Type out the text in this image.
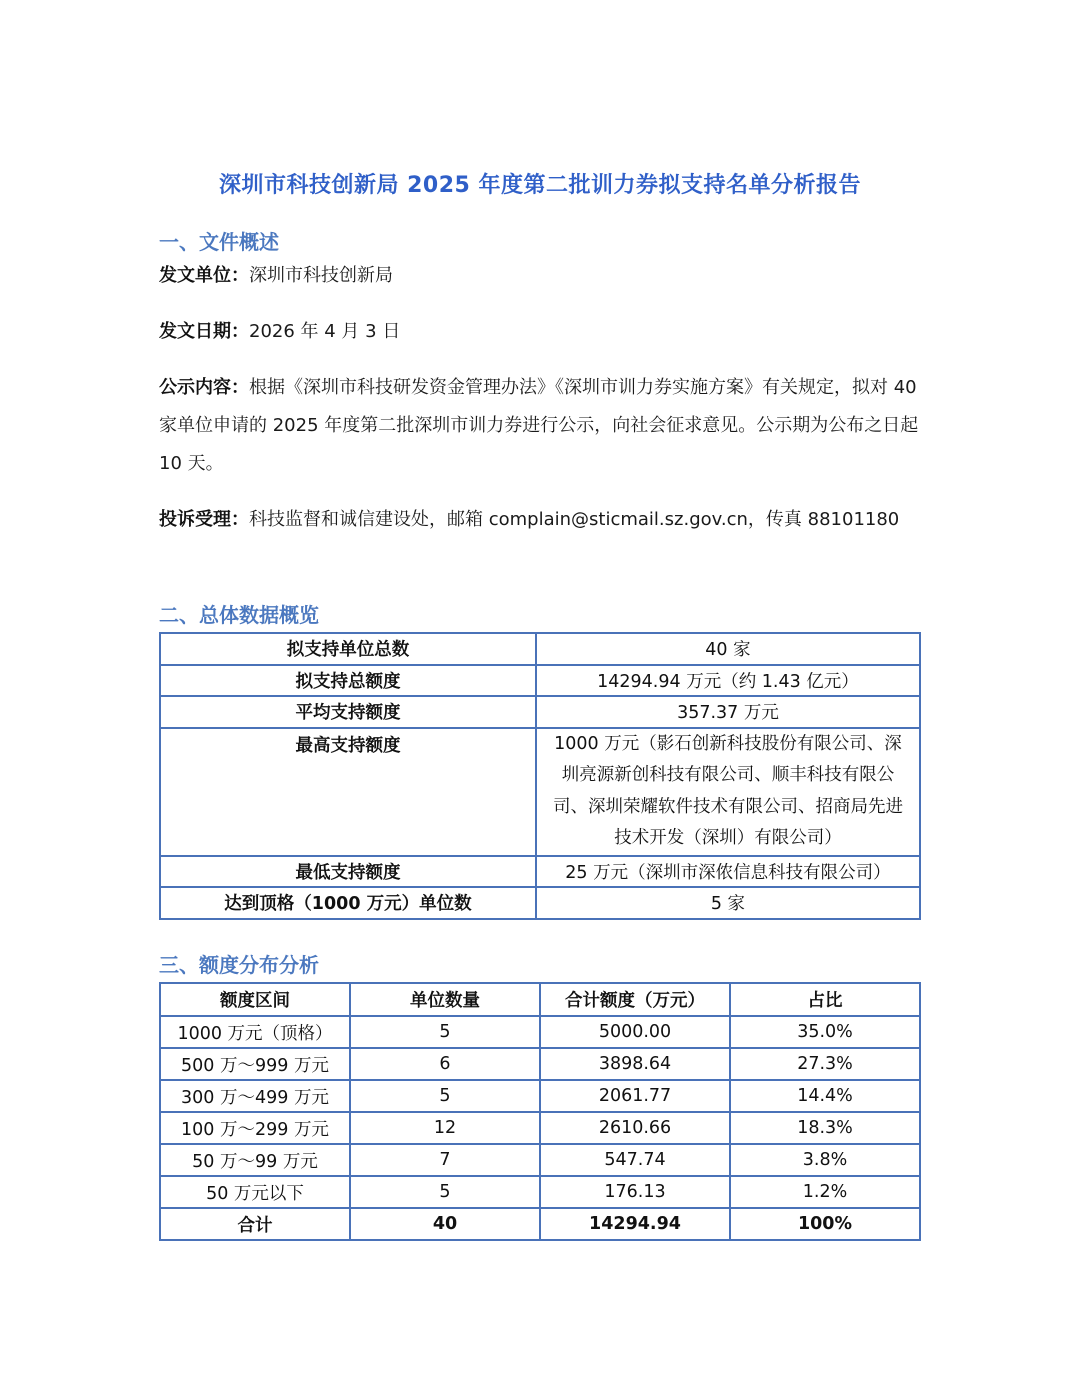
深圳市科技创新局 2025 年度第二批训力券拟支持名单分析报告
一、文件概述
发文单位：深圳市科技创新局
发文日期：2026 年 4 月 3 日
公示内容：根据《深圳市科技研发资金管理办法》《深圳市训力券实施方案》有关规定，拟对 40 家单位申请的 2025 年度第二批深圳市训力券进行公示，向社会征求意见。公示期为公布之日起 10 天。
投诉受理：科技监督和诚信建设处，邮箱 complain@sticmail.sz.gov.cn，传真 88101180
二、总体数据概览
拟支持单位总数	40 家
拟支持总额度	14294.94 万元（约 1.43 亿元）
平均支持额度	357.37 万元
最高支持额度	1000 万元（影石创新科技股份有限公司、深圳亮源新创科技有限公司、顺丰科技有限公司、深圳荣耀软件技术有限公司、招商局先进技术开发（深圳）有限公司）
最低支持额度	25 万元（深圳市深侬信息科技有限公司）
达到顶格（1000 万元）单位数	5 家
三、额度分布分析
额度区间	单位数量	合计额度（万元）	占比
1000 万元（顶格）	5	5000.00	35.0%
500 万～999 万元	6	3898.64	27.3%
300 万～499 万元	5	2061.77	14.4%
100 万～299 万元	12	2610.66	18.3%
50 万～99 万元	7	547.74	3.8%
50 万元以下	5	176.13	1.2%
合计	40	14294.94	100%
